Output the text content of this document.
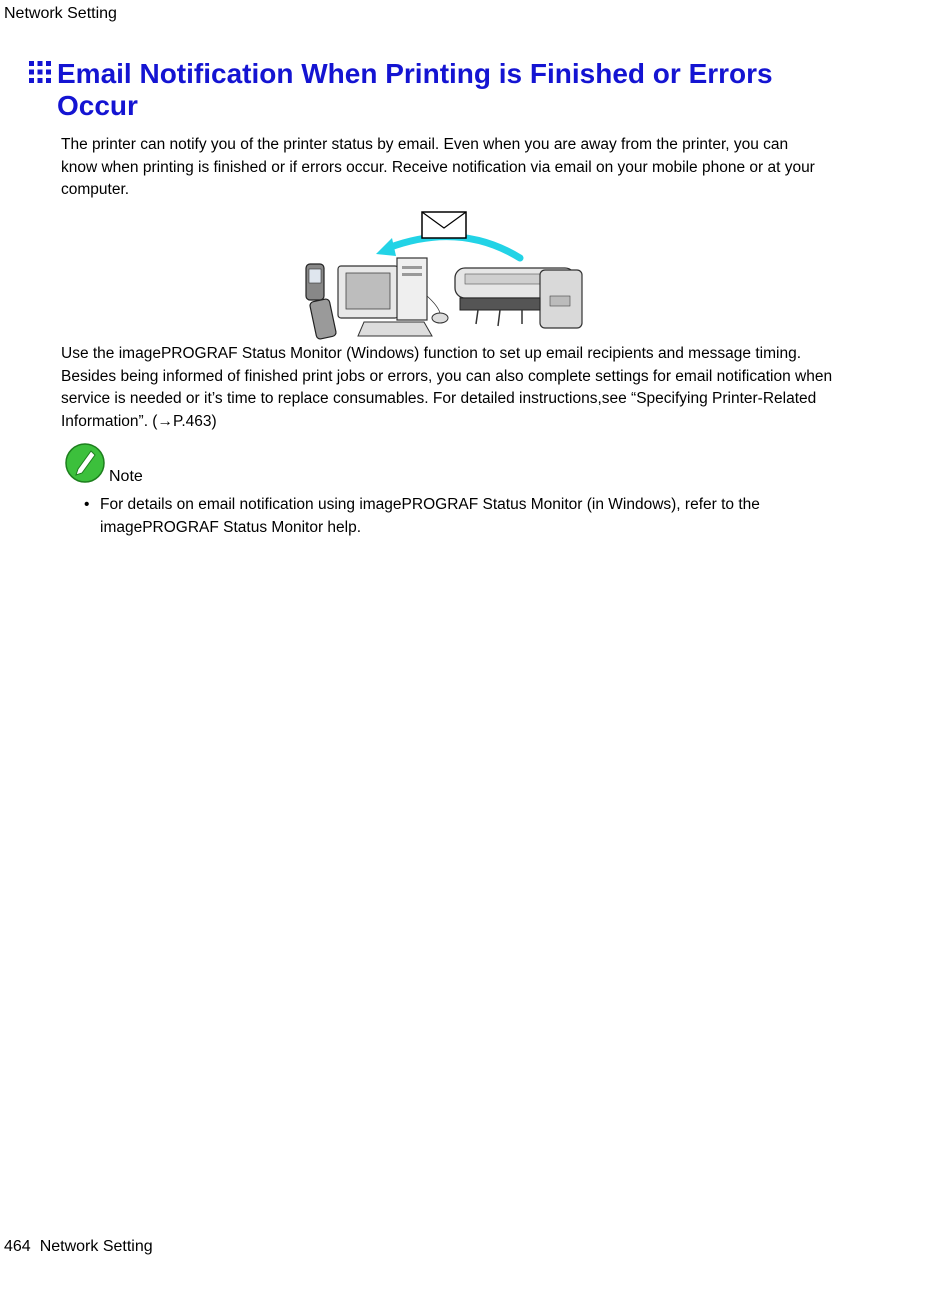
Network Setting
Email Notification When Printing is Finished or Errors Occur

The printer can notify you of the printer status by email. Even when you are away from the printer, you can know when printing is finished or if errors occur. Receive notification via email on your mobile phone or at your computer.

Use the imagePROGRAF Status Monitor (Windows) function to set up email recipients and message timing. Besides being informed of finished print jobs or errors, you can also complete settings for email notification when service is needed or it’s time to replace consumables. For detailed instructions,see “Specifying Printer-Related Information”. (→P.463)

Note
• For details on email notification using imagePROGRAF Status Monitor (in Windows), refer to the imagePROGRAF Status Monitor help.
464 Network Setting
